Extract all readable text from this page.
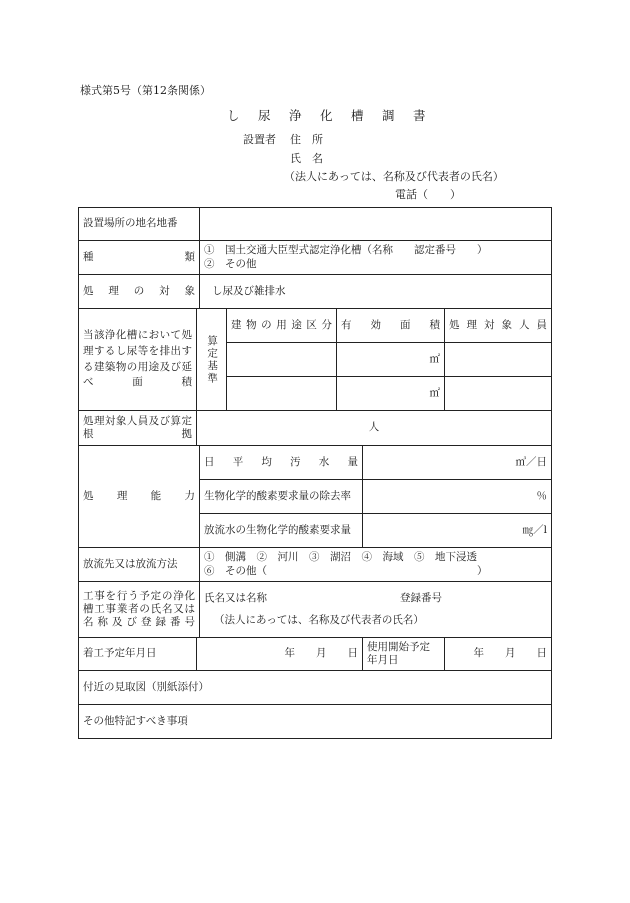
様式第5号（第12条関係）
し 尿 浄 化 槽 調 書
設置者 住　所
氏　名
（法人にあっては、名称及び代表者の氏名）
電話（　　）
設置場所の地名地番						
種　　類		①　国土交通大臣型式認定浄化槽（名称　　認定番号　　）
②　その他				

処理の対象		し尿及び雑排水				
当該浄化槽において処理するし尿等を排出する建築物の用途及び延べ面積	算定基準		建物の用途区分	有　効　面　積		処理対象人員
				㎡		
				㎡		
処理対象人員及び算定根拠	人					
処理能力		日平均汚水量			㎥／日	
		生物化学的酸素要求量の除去率			％	
		放流水の生物化学的酸素要求量			㎎／l	
放流先又は放流方法		①　側溝　②　河川　③　湖沼　④　海域　⑤　地下浸透
⑥　その他（　　　　　　　　　　　　　　　　　　　　）				

工事を行う予定の浄化槽工事業者の氏名又は名称及び登録番号		氏名又は名称 登録番号
（法人にあっては、名称及び代表者の氏名）				

着工予定年月日	年　　月　　日				使用開始予定年月日	年　　月　　日
付近の見取図（別紙添付）						
その他特記すべき事項						
